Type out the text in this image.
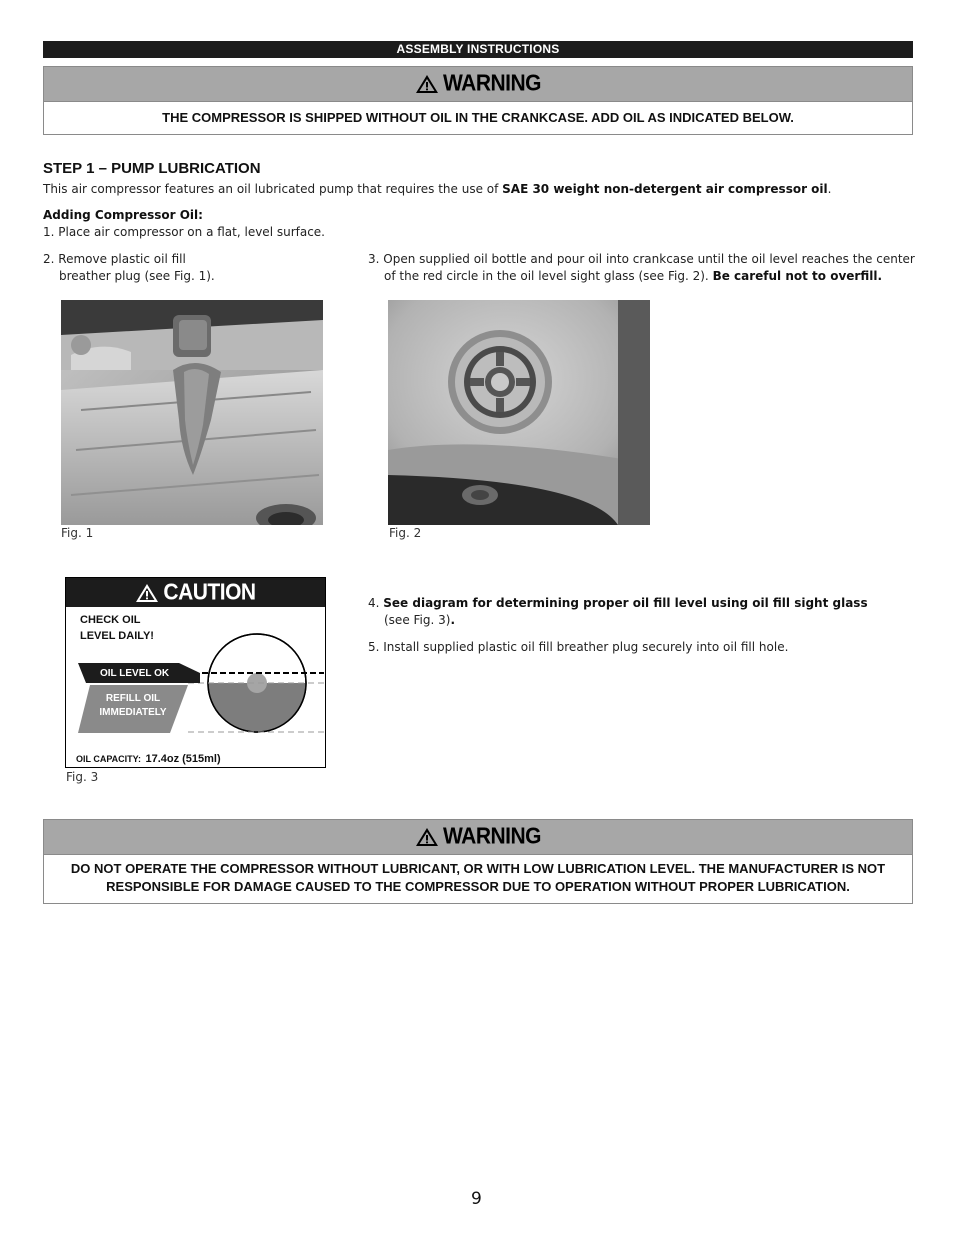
ASSEMBLY INSTRUCTIONS
WARNING
THE COMPRESSOR IS SHIPPED WITHOUT OIL IN THE CRANKCASE. ADD OIL AS INDICATED BELOW.
STEP 1 – PUMP LUBRICATION
This air compressor features an oil lubricated pump that requires the use of SAE 30 weight non-detergent air compressor oil.
Adding Compressor Oil:
1. Place air compressor on a flat, level surface.
2. Remove plastic oil fill
breather plug (see Fig. 1).
3. Open supplied oil bottle and pour oil into crankcase until the oil level reaches the center
of the red circle in the oil level sight glass (see Fig. 2). Be careful not to overfill.
Fig. 1	Fig. 2
CAUTION
CHECK OIL
LEVEL DAILY!
OIL LEVEL OK
REFILL OIL
IMMEDIATELY
OIL CAPACITY: 17.4oz (515ml)
Fig. 3
4. See diagram for determining proper oil fill level using oil fill sight glass
(see Fig. 3).
5. Install supplied plastic oil fill breather plug securely into oil fill hole.
WARNING
DO NOT OPERATE THE COMPRESSOR WITHOUT LUBRICANT, OR WITH LOW LUBRICATION LEVEL. THE MANUFACTURER IS NOT
RESPONSIBLE FOR DAMAGE CAUSED TO THE COMPRESSOR DUE TO OPERATION WITHOUT PROPER LUBRICATION.
9
